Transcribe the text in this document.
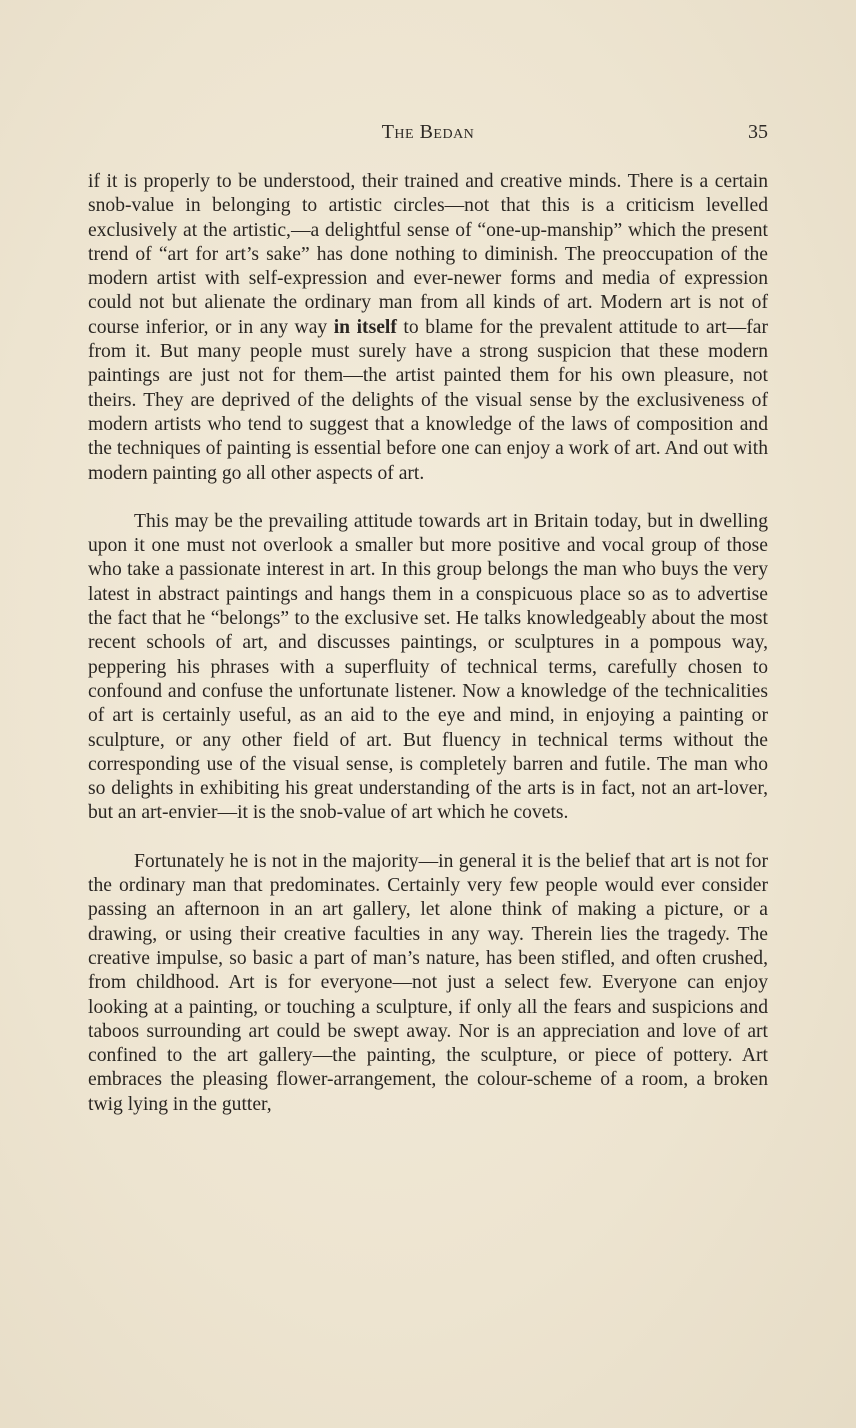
The Bedan	35

if it is properly to be understood, their trained and creative minds. There is a certain snob-value in belonging to artistic circles—not that this is a criticism levelled exclusively at the artistic,—a delightful sense of “one-up-manship” which the present trend of “art for art’s sake” has done nothing to diminish. The preoccupation of the modern artist with self-expression and ever-newer forms and media of expression could not but alienate the ordinary man from all kinds of art. Modern art is not of course inferior, or in any way in itself to blame for the prevalent attitude to art—far from it. But many people must surely have a strong suspicion that these modern paintings are just not for them—the artist painted them for his own pleasure, not theirs. They are deprived of the delights of the visual sense by the exclusiveness of modern artists who tend to suggest that a knowledge of the laws of composition and the techniques of painting is essential before one can enjoy a work of art. And out with modern painting go all other aspects of art.

This may be the prevailing attitude towards art in Britain today, but in dwelling upon it one must not overlook a smaller but more positive and vocal group of those who take a passionate interest in art. In this group belongs the man who buys the very latest in abstract paintings and hangs them in a conspicuous place so as to advertise the fact that he “belongs” to the exclusive set. He talks knowledgeably about the most recent schools of art, and discusses paintings, or sculptures in a pompous way, peppering his phrases with a superfluity of technical terms, carefully chosen to confound and confuse the unfortunate listener. Now a knowledge of the technicalities of art is certainly useful, as an aid to the eye and mind, in enjoying a painting or sculpture, or any other field of art. But fluency in technical terms without the corresponding use of the visual sense, is completely barren and futile. The man who so delights in exhibiting his great understanding of the arts is in fact, not an art-lover, but an art-envier—it is the snob-value of art which he covets.

Fortunately he is not in the majority—in general it is the belief that art is not for the ordinary man that predominates. Certainly very few people would ever consider passing an afternoon in an art gallery, let alone think of making a picture, or a drawing, or using their creative faculties in any way. Therein lies the tragedy. The creative impulse, so basic a part of man’s nature, has been stifled, and often crushed, from childhood. Art is for everyone—not just a select few. Everyone can enjoy looking at a painting, or touching a sculpture, if only all the fears and suspicions and taboos surrounding art could be swept away. Nor is an appreciation and love of art confined to the art gallery—the painting, the sculpture, or piece of pottery. Art embraces the pleasing flower-arrangement, the colour-scheme of a room, a broken twig lying in the gutter,
